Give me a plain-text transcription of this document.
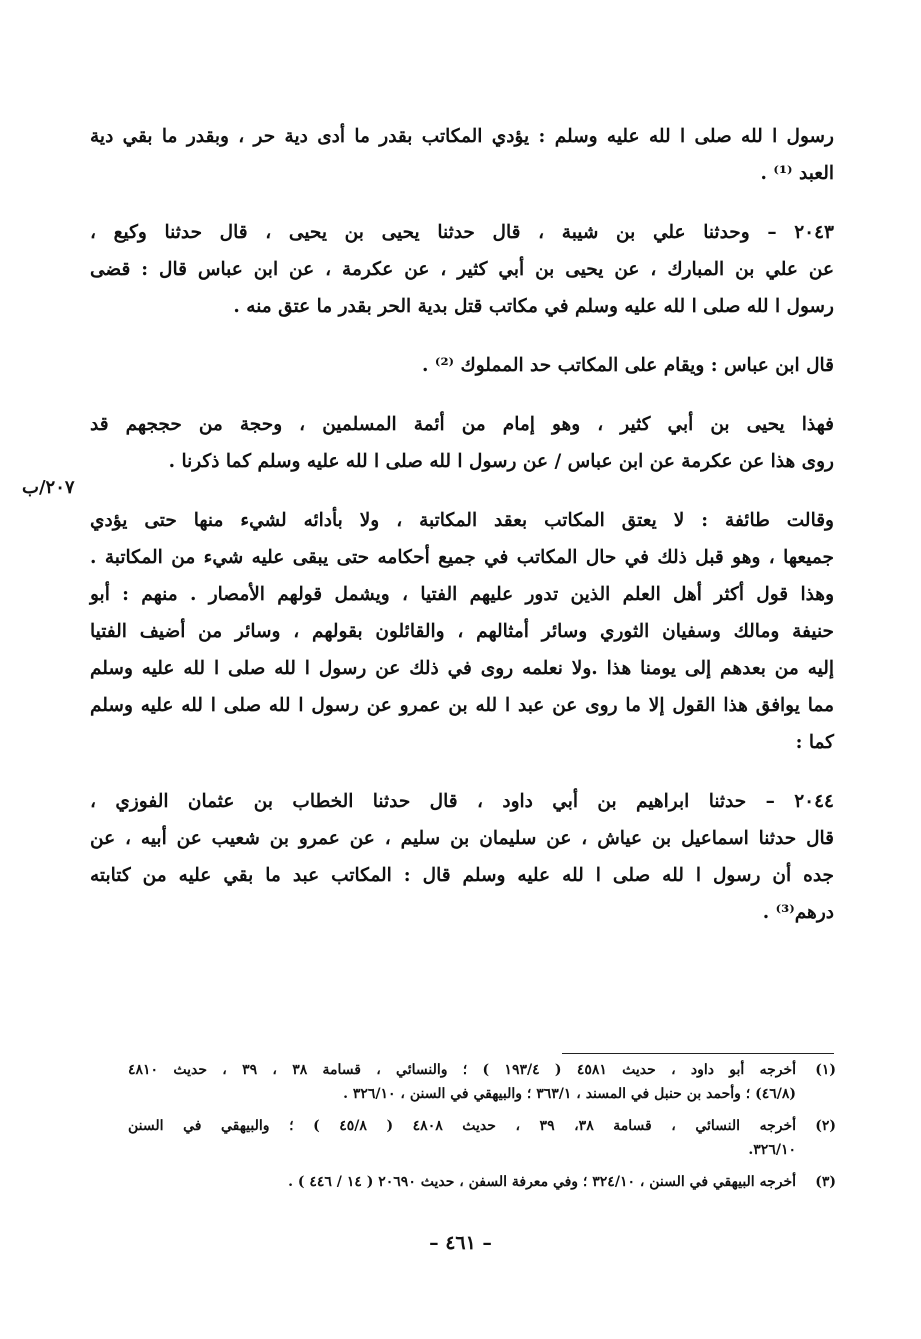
رسول ا لله صلى ا لله عليه وسلم : يؤدي المكاتب بقدر ما أدى دية حر ، وبقدر ما بقي دية
العبد ⁽¹⁾ .
٢٠٤٣ – وحدثنا علي بن شيبة ، قال حدثنا يحيى بن يحيى ، قال حدثنا وكيع ،
عن علي بن المبارك ، عن يحيى بن أبي كثير ، عن عكرمة ، عن ابن عباس قال : قضى
رسول ا لله صلى ا لله عليه وسلم في مكاتب قتل بدية الحر بقدر ما عتق منه .
قال ابن عباس : ويقام على المكاتب حد المملوك ⁽²⁾ .
فهذا يحيى بن أبي كثير ، وهو إمام من أئمة المسلمين ، وحجة من حججهم قد
روى هذا عن عكرمة عن ابن عباس / عن رسول ا لله صلى ا لله عليه وسلم كما ذكرنا .
وقالت طائفة : لا يعتق المكاتب بعقد المكاتبة ، ولا بأدائه لشيء منها حتى يؤدي
جميعها ، وهو قبل ذلك في حال المكاتب في جميع أحكامه حتى يبقى عليه شيء من المكاتبة .
وهذا قول أكثر أهل العلم الذين تدور عليهم الفتيا ، ويشمل قولهم الأمصار . منهم : أبو
حنيفة ومالك وسفيان الثوري وسائر أمثالهم ، والقائلون بقولهم ، وسائر من أضيف الفتيا
إليه من بعدهم إلى يومنا هذا .ولا نعلمه روى في ذلك عن رسول ا لله صلى ا لله عليه وسلم
مما يوافق هذا القول إلا ما روى عن عبد ا لله بن عمرو عن رسول ا لله صلى ا لله عليه وسلم
كما :
٢٠٤٤ – حدثنا ابراهيم بن أبي داود ، قال حدثنا الخطاب بن عثمان الفوزي ،
قال حدثنا اسماعيل بن عياش ، عن سليمان بن سليم ، عن عمرو بن شعيب عن أبيه ، عن
جده أن رسول ا لله صلى ا لله عليه وسلم قال : المكاتب عبد ما بقي عليه من كتابته
درهم⁽³⁾ .
٢٠٧/ب
(١)
أخرجه أبو داود ، حديث ٤٥٨١ ( ١٩٣/٤ ) ؛ والنسائي ، قسامة ٣٨ ، ٣٩ ، حديث ٤٨١٠
(٤٦/٨) ؛ وأحمد بن حنبل في المسند ، ٣٦٣/١ ؛ والبيهقي في السنن ، ٣٢٦/١٠ .
(٢)
أخرجه النسائي ، قسامة ٣٨، ٣٩ ، حديث ٤٨٠٨ ( ٤٥/٨ ) ؛ والبيهقي في السنن
٣٢٦/١٠.
(٣)
أخرجه البيهقي في السنن ، ٣٢٤/١٠ ؛ وفي معرفة السفن ، حديث ٢٠٦٩٠ ( ١٤ / ٤٤٦ ) .
– ٤٦١ –
